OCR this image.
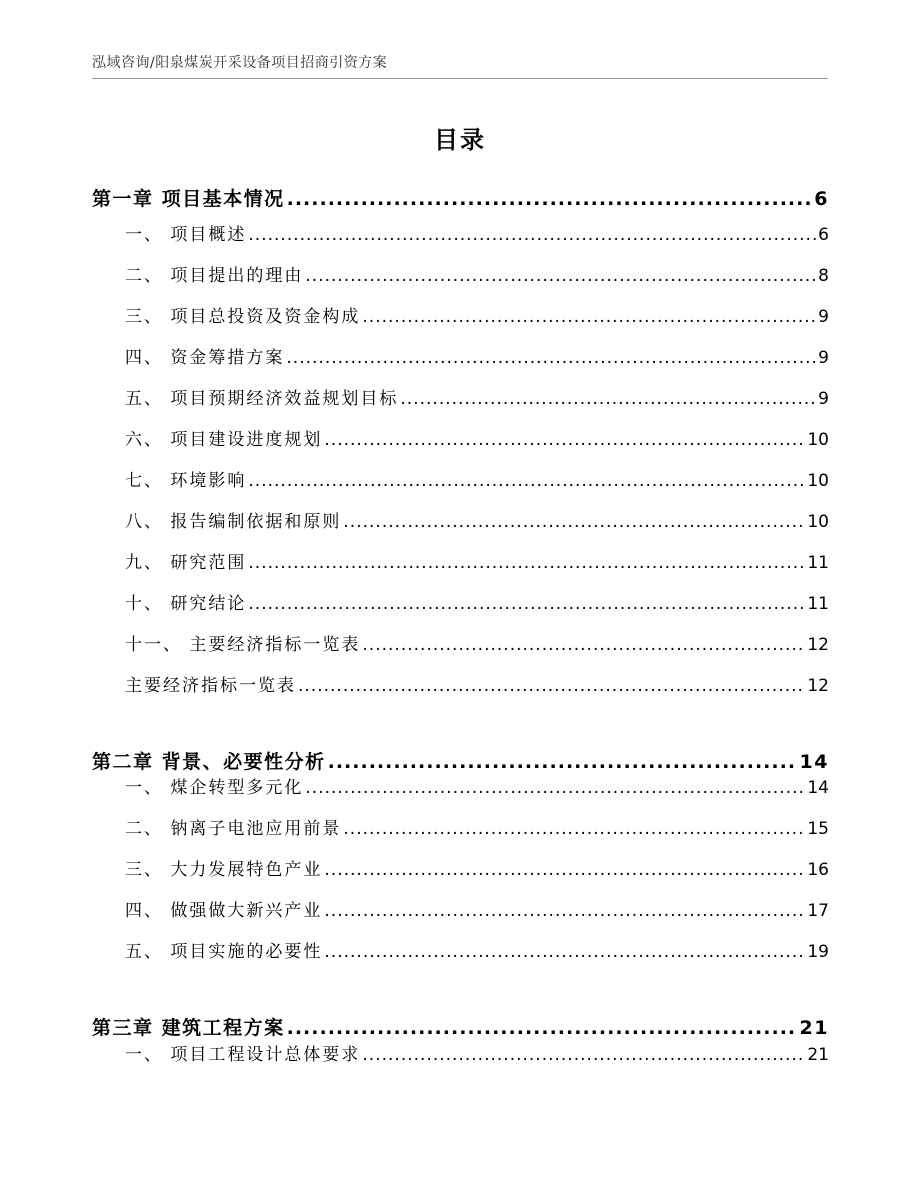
泓域咨询/阳泉煤炭开采设备项目招商引资方案
目录
第一章 项目基本情况 .....	6
一、 项目概述 .....	6
二、 项目提出的理由 .....	8
三、 项目总投资及资金构成 .....	9
四、 资金筹措方案 .....	9
五、 项目预期经济效益规划目标 .....	9
六、 项目建设进度规划 .....	10
七、 环境影响 .....	10
八、 报告编制依据和原则 .....	10
九、 研究范围 .....	11
十、 研究结论 .....	11
十一、 主要经济指标一览表 .....	12
主要经济指标一览表 .....	12
第二章 背景、必要性分析 .....	14
一、 煤企转型多元化 .....	14
二、 钠离子电池应用前景 .....	15
三、 大力发展特色产业 .....	16
四、 做强做大新兴产业 .....	17
五、 项目实施的必要性 .....	19
第三章 建筑工程方案 .....	21
一、 项目工程设计总体要求 .....	21
